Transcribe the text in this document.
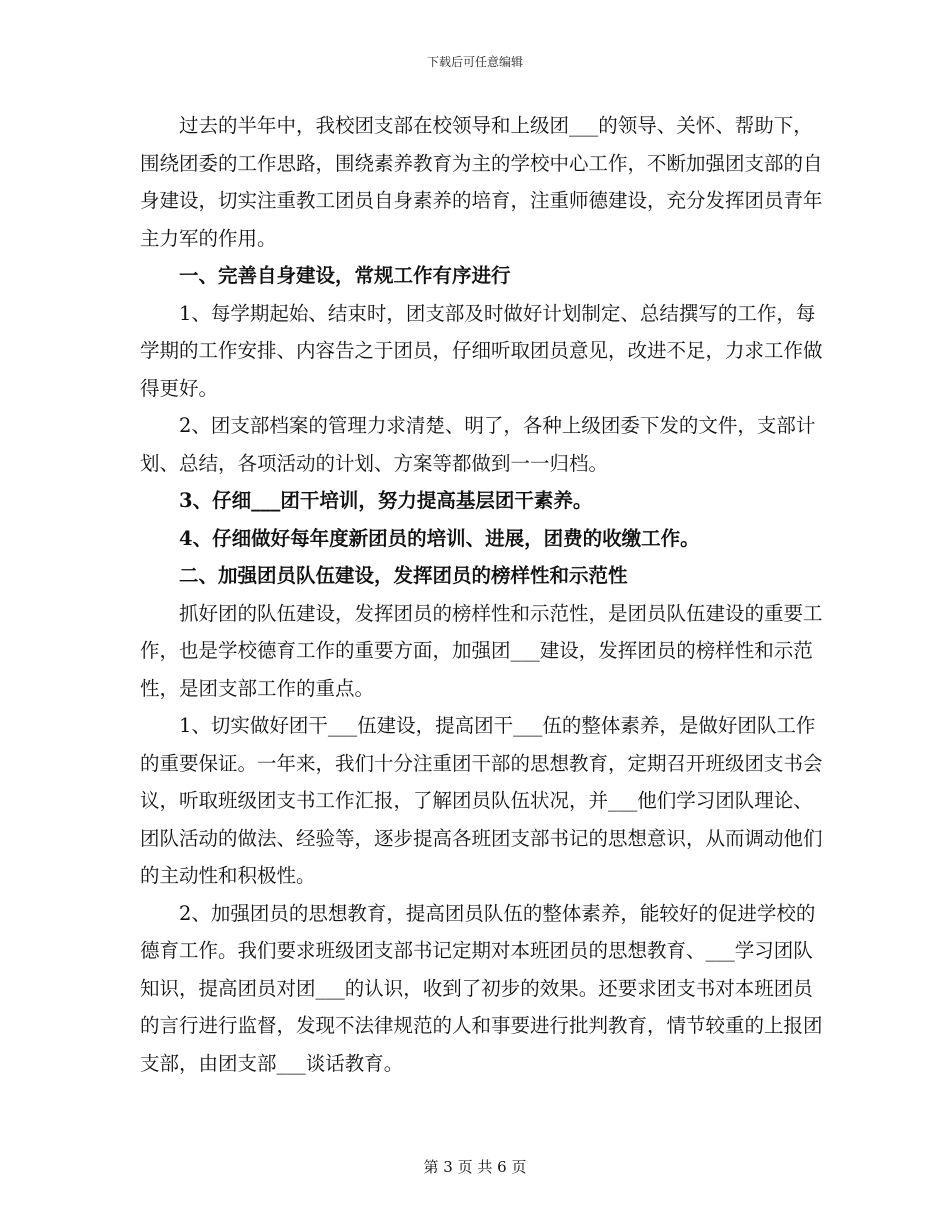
下载后可任意编辑

过去的半年中，我校团支部在校领导和上级团___的领导、关怀、帮助下，围绕团委的工作思路，围绕素养教育为主的学校中心工作，不断加强团支部的自身建设，切实注重教工团员自身素养的培育，注重师德建设，充分发挥团员青年主力军的作用。

一、完善自身建设，常规工作有序进行

1、每学期起始、结束时，团支部及时做好计划制定、总结撰写的工作，每学期的工作安排、内容告之于团员，仔细听取团员意见，改进不足，力求工作做得更好。

2、团支部档案的管理力求清楚、明了，各种上级团委下发的文件，支部计划、总结，各项活动的计划、方案等都做到一一归档。

3、仔细___团干培训，努力提高基层团干素养。

4、仔细做好每年度新团员的培训、进展，团费的收缴工作。

二、加强团员队伍建设，发挥团员的榜样性和示范性

抓好团的队伍建设，发挥团员的榜样性和示范性，是团员队伍建设的重要工作，也是学校德育工作的重要方面，加强团___建设，发挥团员的榜样性和示范性，是团支部工作的重点。

1、切实做好团干___伍建设，提高团干___伍的整体素养，是做好团队工作的重要保证。一年来，我们十分注重团干部的思想教育，定期召开班级团支书会议，听取班级团支书工作汇报，了解团员队伍状况，并___他们学习团队理论、团队活动的做法、经验等，逐步提高各班团支部书记的思想意识，从而调动他们的主动性和积极性。

2、加强团员的思想教育，提高团员队伍的整体素养，能较好的促进学校的德育工作。我们要求班级团支部书记定期对本班团员的思想教育、___学习团队知识，提高团员对团___的认识，收到了初步的效果。还要求团支书对本班团员的言行进行监督，发现不法律规范的人和事要进行批判教育，情节较重的上报团支部，由团支部___谈话教育。

第 3 页 共 6 页
